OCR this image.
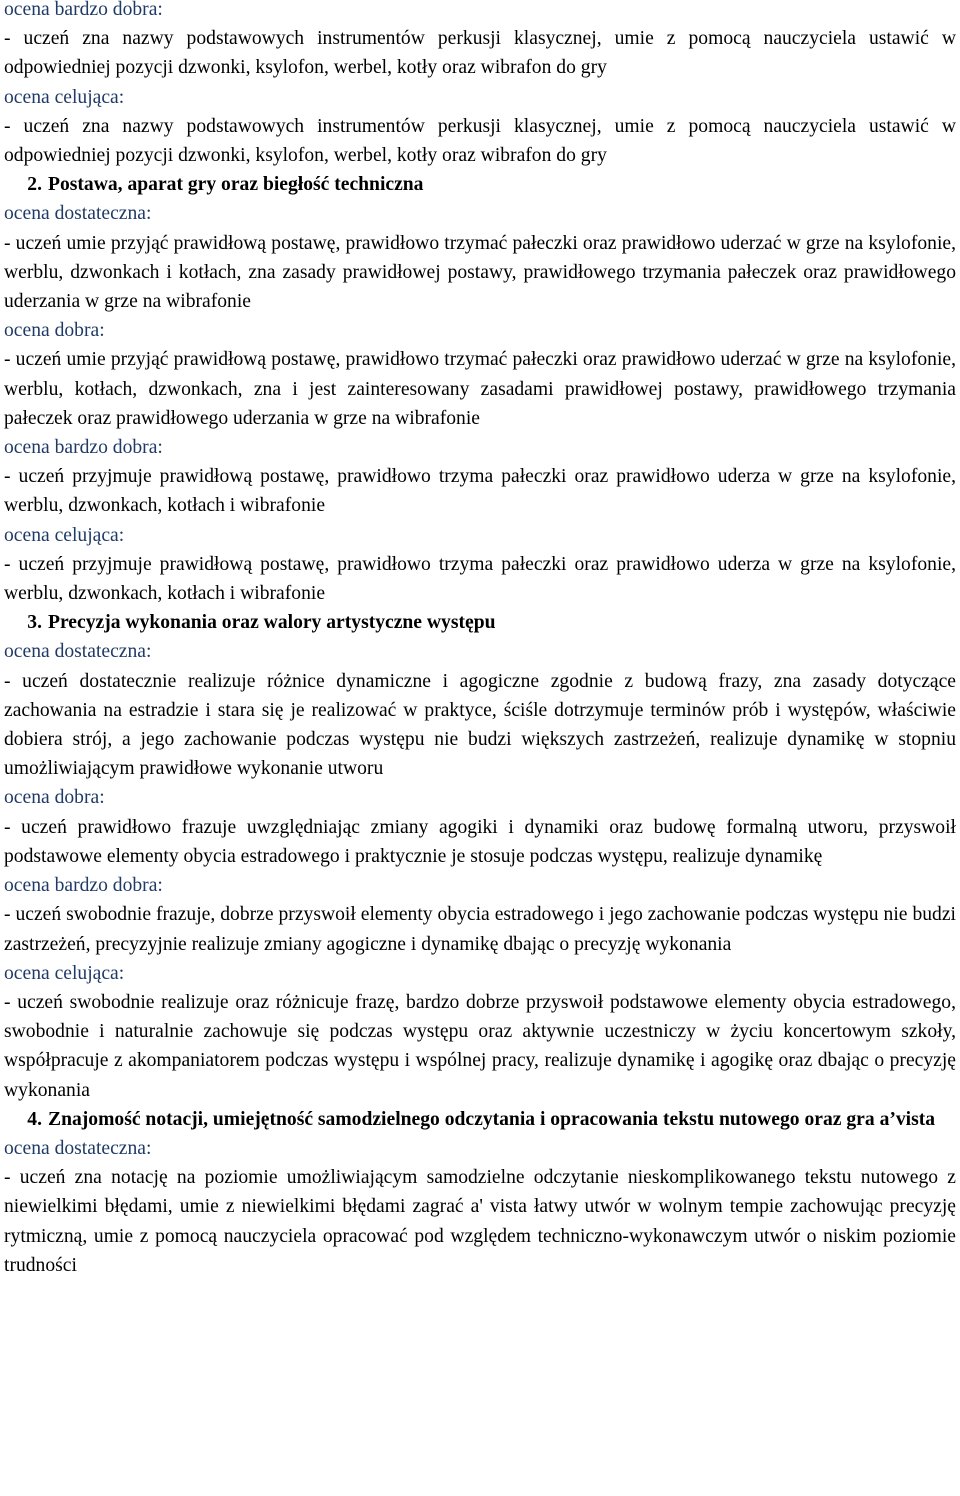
ocena bardzo dobra:

- uczeń zna nazwy podstawowych instrumentów perkusji klasycznej, umie z pomocą nauczyciela ustawić w odpowiedniej pozycji dzwonki, ksylofon, werbel, kotły oraz wibrafon do gry

ocena celująca:

- uczeń zna nazwy podstawowych instrumentów perkusji klasycznej, umie z pomocą nauczyciela ustawić w odpowiedniej pozycji dzwonki, ksylofon, werbel, kotły oraz wibrafon do gry

2. Postawa, aparat gry oraz biegłość techniczna
ocena dostateczna:

- uczeń umie przyjąć prawidłową postawę, prawidłowo trzymać pałeczki oraz prawidłowo uderzać w grze na ksylofonie, werblu, dzwonkach i kotłach, zna zasady prawidłowej postawy, prawidłowego trzymania pałeczek oraz prawidłowego uderzania w grze na wibrafonie

ocena dobra:

- uczeń umie przyjąć prawidłową postawę, prawidłowo trzymać pałeczki oraz prawidłowo uderzać w grze na ksylofonie, werblu, kotłach, dzwonkach, zna i jest zainteresowany zasadami prawidłowej postawy, prawidłowego trzymania pałeczek oraz prawidłowego uderzania w grze na wibrafonie

ocena bardzo dobra:

- uczeń przyjmuje prawidłową postawę, prawidłowo trzyma pałeczki oraz prawidłowo uderza w grze na ksylofonie, werblu, dzwonkach, kotłach i wibrafonie

ocena celująca:

- uczeń przyjmuje prawidłową postawę, prawidłowo trzyma pałeczki oraz prawidłowo uderza w grze na ksylofonie, werblu, dzwonkach, kotłach i wibrafonie

3. Precyzja wykonania oraz walory artystyczne występu
ocena dostateczna:

- uczeń dostatecznie realizuje różnice dynamiczne i agogiczne zgodnie z budową frazy, zna zasady dotyczące zachowania na estradzie i stara się je realizować w praktyce, ściśle dotrzymuje terminów prób i występów, właściwie dobiera strój, a jego zachowanie podczas występu nie budzi większych zastrzeżeń, realizuje dynamikę w stopniu umożliwiającym prawidłowe wykonanie utworu

ocena dobra:

- uczeń prawidłowo frazuje uwzględniając zmiany agogiki i dynamiki oraz budowę formalną utworu, przyswoił podstawowe elementy obycia estradowego i praktycznie je stosuje podczas występu, realizuje dynamikę

ocena bardzo dobra:

- uczeń swobodnie frazuje, dobrze przyswoił elementy obycia estradowego i jego zachowanie podczas występu nie budzi zastrzeżeń, precyzyjnie realizuje zmiany agogiczne i dynamikę dbając o precyzję wykonania

ocena celująca:

- uczeń swobodnie realizuje oraz różnicuje frazę, bardzo dobrze przyswoił podstawowe elementy obycia estradowego, swobodnie i naturalnie zachowuje się podczas występu oraz aktywnie uczestniczy w życiu koncertowym szkoły, współpracuje z akompaniatorem podczas występu i wspólnej pracy, realizuje dynamikę i agogikę oraz dbając o precyzję wykonania

4. Znajomość notacji, umiejętność samodzielnego odczytania i opracowania tekstu nutowego oraz gra a’vista
ocena dostateczna:

- uczeń zna notację na poziomie umożliwiającym samodzielne odczytanie nieskomplikowanego tekstu nutowego z niewielkimi błędami, umie z niewielkimi błędami zagrać a' vista łatwy utwór w wolnym tempie zachowując precyzję rytmiczną, umie z pomocą nauczyciela opracować pod względem techniczno-wykonawczym utwór o niskim poziomie trudności
